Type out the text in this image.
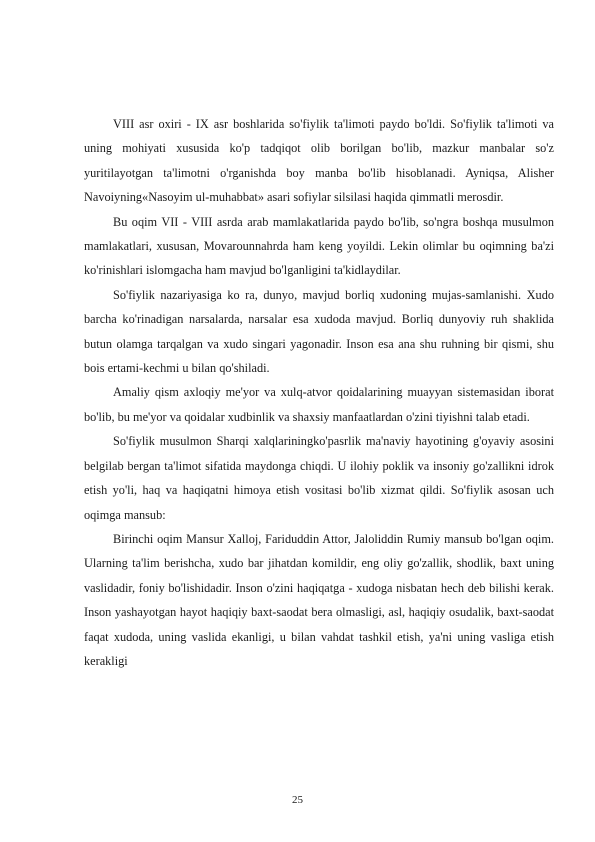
VIII asr oxiri - IX asr boshlarida so'fiylik ta'limoti paydo bo'ldi. So'fiylik ta'limoti va uning mohiyati xususida ko'p tadqiqot olib borilgan bo'lib, mazkur manbalar so'z yuritilayotgan ta'limotni o'rganishda boy manba bo'lib hisoblanadi. Ayniqsa, Alisher Navoiyning«Nasoyim ul-muhabbat» asari sofiylar silsilasi haqida qimmatli merosdir.

Bu oqim VII - VIII asrda arab mamlakatlarida paydo bo'lib, so'ngra boshqa musulmon mamlakatlari, xususan, Movarounnahrda ham keng yoyildi. Lekin olimlar bu oqimning ba'zi ko'rinishlari islomgacha ham mavjud bo'lganligini ta'kidlaydilar.

So'fiylik nazariyasiga ko ra, dunyo, mavjud borliq xudoning mujas-samlanishi. Xudo barcha ko'rinadigan narsalarda, narsalar esa xudoda mavjud. Borliq dunyoviy ruh shaklida butun olamga tarqalgan va xudo singari yagonadir. Inson esa ana shu ruhning bir qismi, shu bois ertami-kechmi u bilan qo'shiladi.

Amaliy qism axloqiy me'yor va xulq-atvor qoidalarining muayyan sistemasidan iborat bo'lib, bu me'yor va qoidalar xudbinlik va shaxsiy manfaatlardan o'zini tiyishni talab etadi.

So'fiylik musulmon Sharqi xalqlariningko'pasrlik ma'naviy hayotining g'oyaviy asosini belgilab bergan ta'limot sifatida maydonga chiqdi. U ilohiy poklik va insoniy go'zallikni idrok etish yo'li, haq va haqiqatni himoya etish vositasi bo'lib xizmat qildi. So'fiylik asosan uch oqimga mansub:

Birinchi oqim Mansur Xalloj, Fariduddin Attor, Jaloliddin Rumiy mansub bo'lgan oqim. Ularning ta'lim berishcha, xudo bar jihatdan komildir, eng oliy go'zallik, shodlik, baxt uning vaslidadir, foniy bo'lishidadir. Inson o'zini haqiqatga - xudoga nisbatan hech deb bilishi kerak. Inson yashayotgan hayot haqiqiy baxt-saodat bera olmasligi, asl, haqiqiy osudalik, baxt-saodat faqat xudoda, uning vaslida ekanligi, u bilan vahdat tashkil etish, ya'ni uning vasliga etish kerakligi

25
